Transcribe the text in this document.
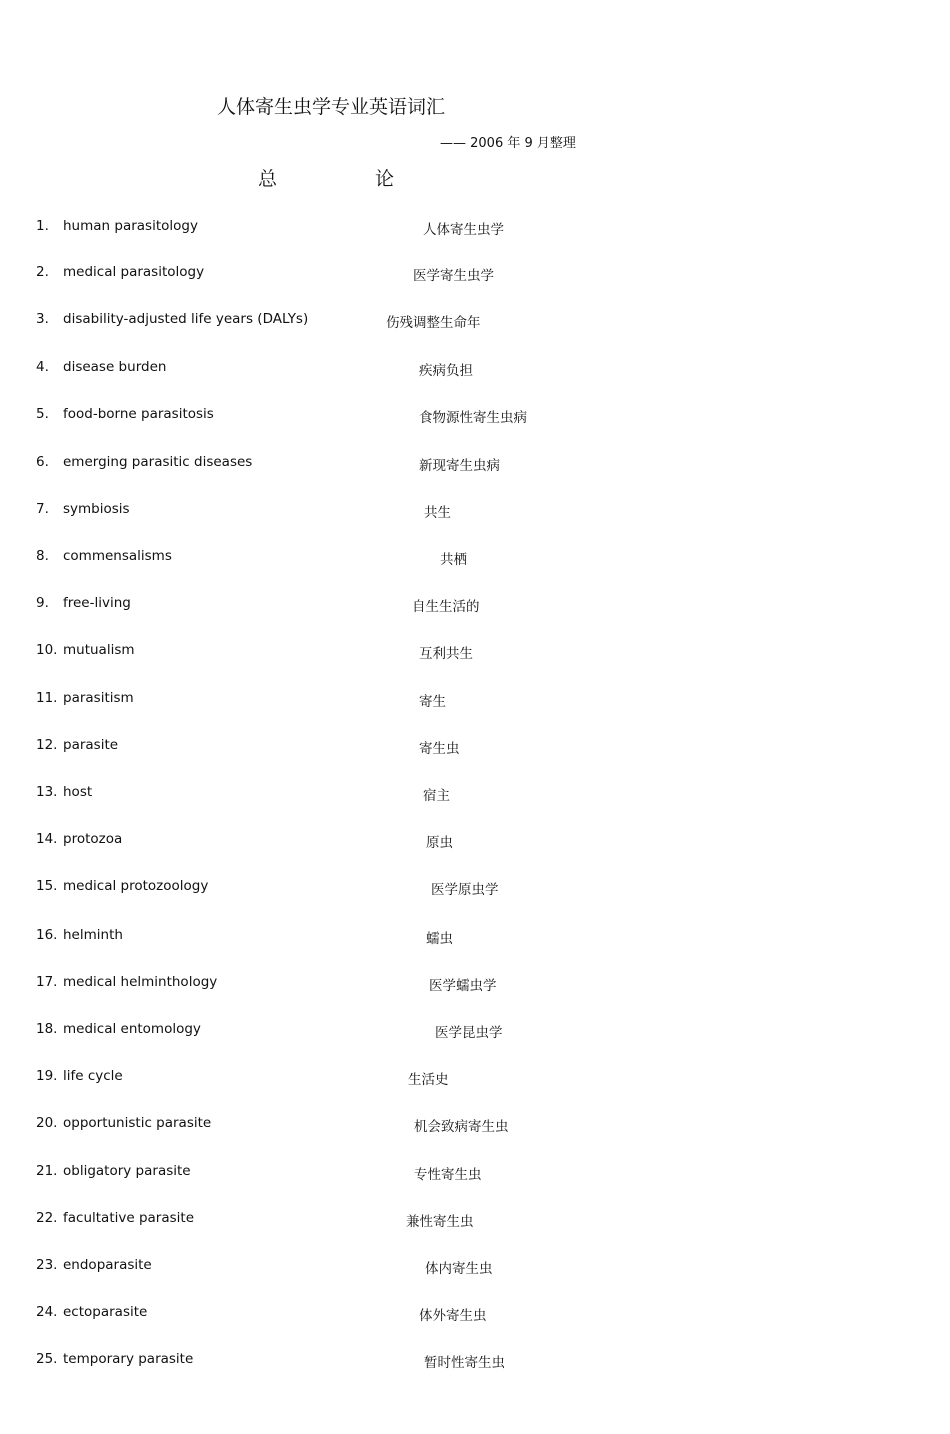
人体寄生虫学专业英语词汇
—— 2006 年 9 月整理
总	论
1. human parasitology	人体寄生虫学
2. medical parasitology	医学寄生虫学
3. disability-adjusted life years (DALYs)	伤残调整生命年
4. disease burden	疾病负担
5. food-borne parasitosis	食物源性寄生虫病
6. emerging parasitic diseases	新现寄生虫病
7. symbiosis	共生
8. commensalisms	共栖
9. free-living	自生生活的
10. mutualism	互利共生
11. parasitism	寄生
12. parasite	寄生虫
13. host	宿主
14. protozoa	原虫
15. medical protozoology	医学原虫学
16. helminth	蠕虫
17. medical helminthology	医学蠕虫学
18. medical entomology	医学昆虫学
19. life cycle	生活史
20. opportunistic parasite	机会致病寄生虫
21. obligatory parasite	专性寄生虫
22. facultative parasite	兼性寄生虫
23. endoparasite	体内寄生虫
24. ectoparasite	体外寄生虫
25. temporary parasite	暂时性寄生虫
